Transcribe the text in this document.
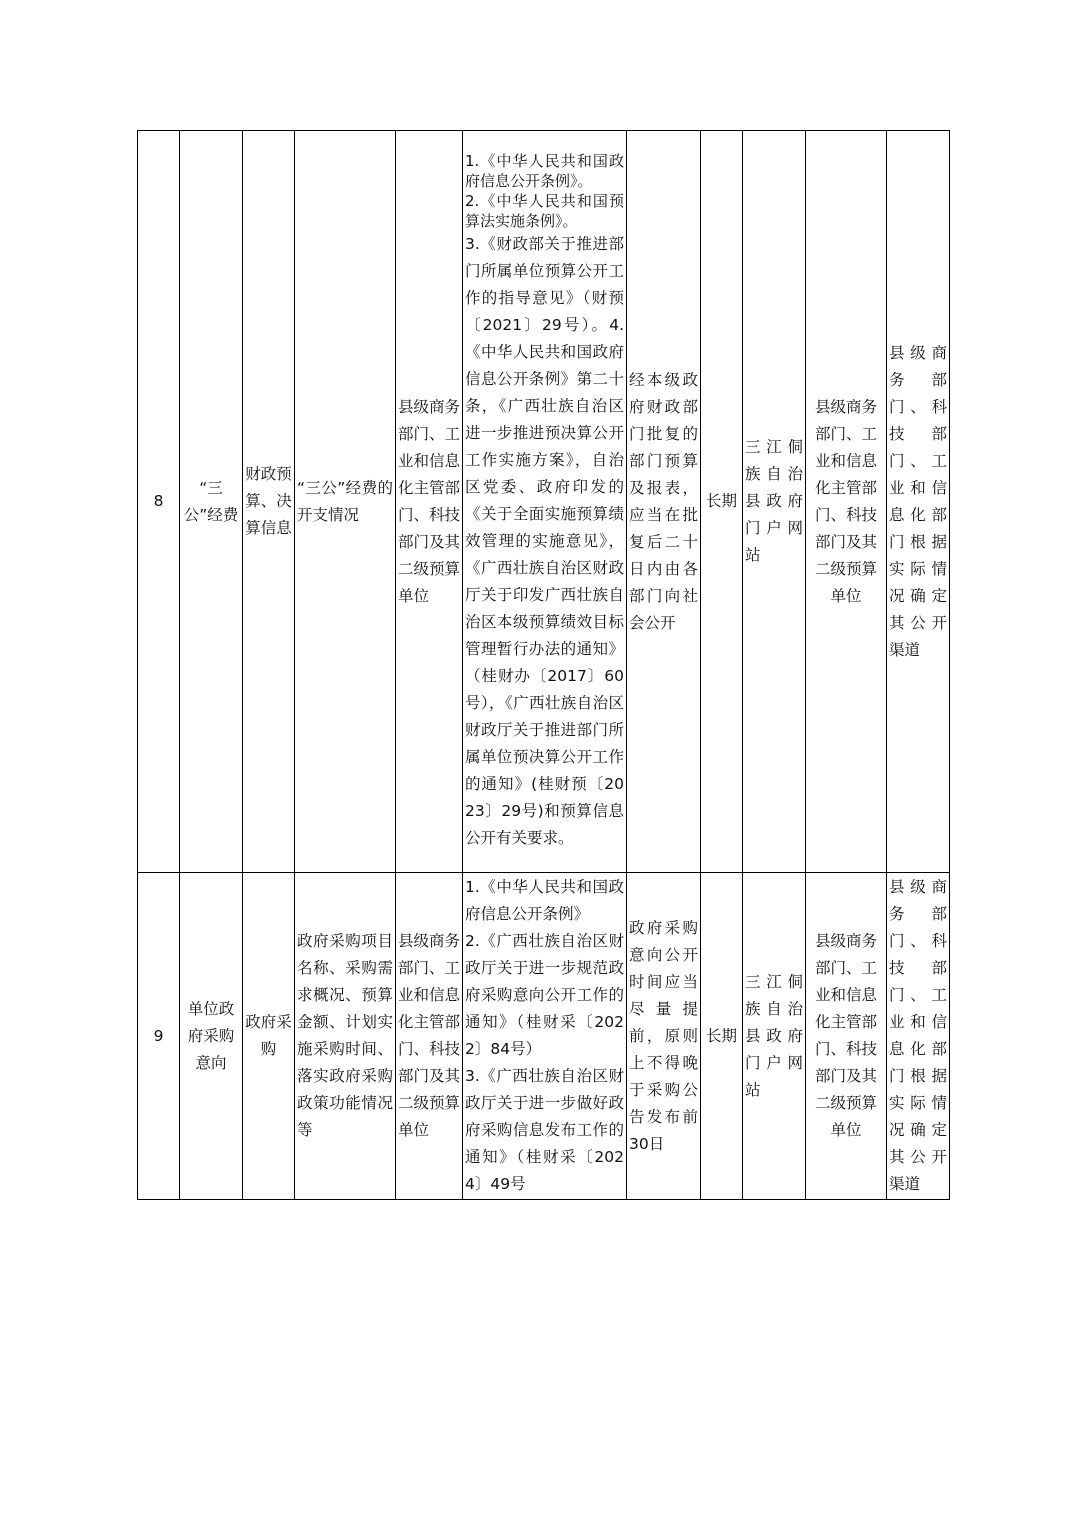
8	“三公”经费	财政预算、决算信息	“三公”经费的开支情况	县级商务部门、工业和信息化主管部门、科技部门及其二级预算单位	1.《中华人民共和国政府信息公开条例》。
2.《中华人民共和国预算法实施条例》。
3.《财政部关于推进部门所属单位预算公开工作的指导意见》（财预〔2021〕29号）。4.《中华人民共和国政府信息公开条例》第二十条，《广西壮族自治区进一步推进预决算公开工作实施方案》，自治区党委、政府印发的《关于全面实施预算绩效管理的实施意见》，《广西壮族自治区财政厅关于印发广西壮族自治区本级预算绩效目标管理暂行办法的通知》（桂财办〔2017〕60号），《广西壮族自治区财政厅关于推进部门所属单位预决算公开工作的通知》(桂财预〔2023〕29号)和预算信息公开有关要求。	经本级政府财政部门批复的部门预算及报表，应当在批复后二十日内由各部门向社会公开	长期	三江侗族自治县政府门户网站	县级商务部门、工业和信息化主管部门、科技部门及其二级预算单位	县级商务部门、科技部门、工业和信息化部门根据实际情况确定其公开渠道
9	单位政府采购意向	政府采购	政府采购项目名称、采购需求概况、预算金额、计划实施采购时间、落实政府采购政策功能情况等	县级商务部门、工业和信息化主管部门、科技部门及其二级预算单位	1.《中华人民共和国政府信息公开条例》
2.《广西壮族自治区财政厅关于进一步规范政府采购意向公开工作的通知》（桂财采〔2022〕84号）
3.《广西壮族自治区财政厅关于进一步做好政府采购信息发布工作的通知》（桂财采〔2024〕49号	政府采购意向公开时间应当尽量提前，原则上不得晚于采购公告发布前30日	长期	三江侗族自治县政府门户网站	县级商务部门、工业和信息化主管部门、科技部门及其二级预算单位	县级商务部门、科技部门、工业和信息化部门根据实际情况确定其公开渠道
